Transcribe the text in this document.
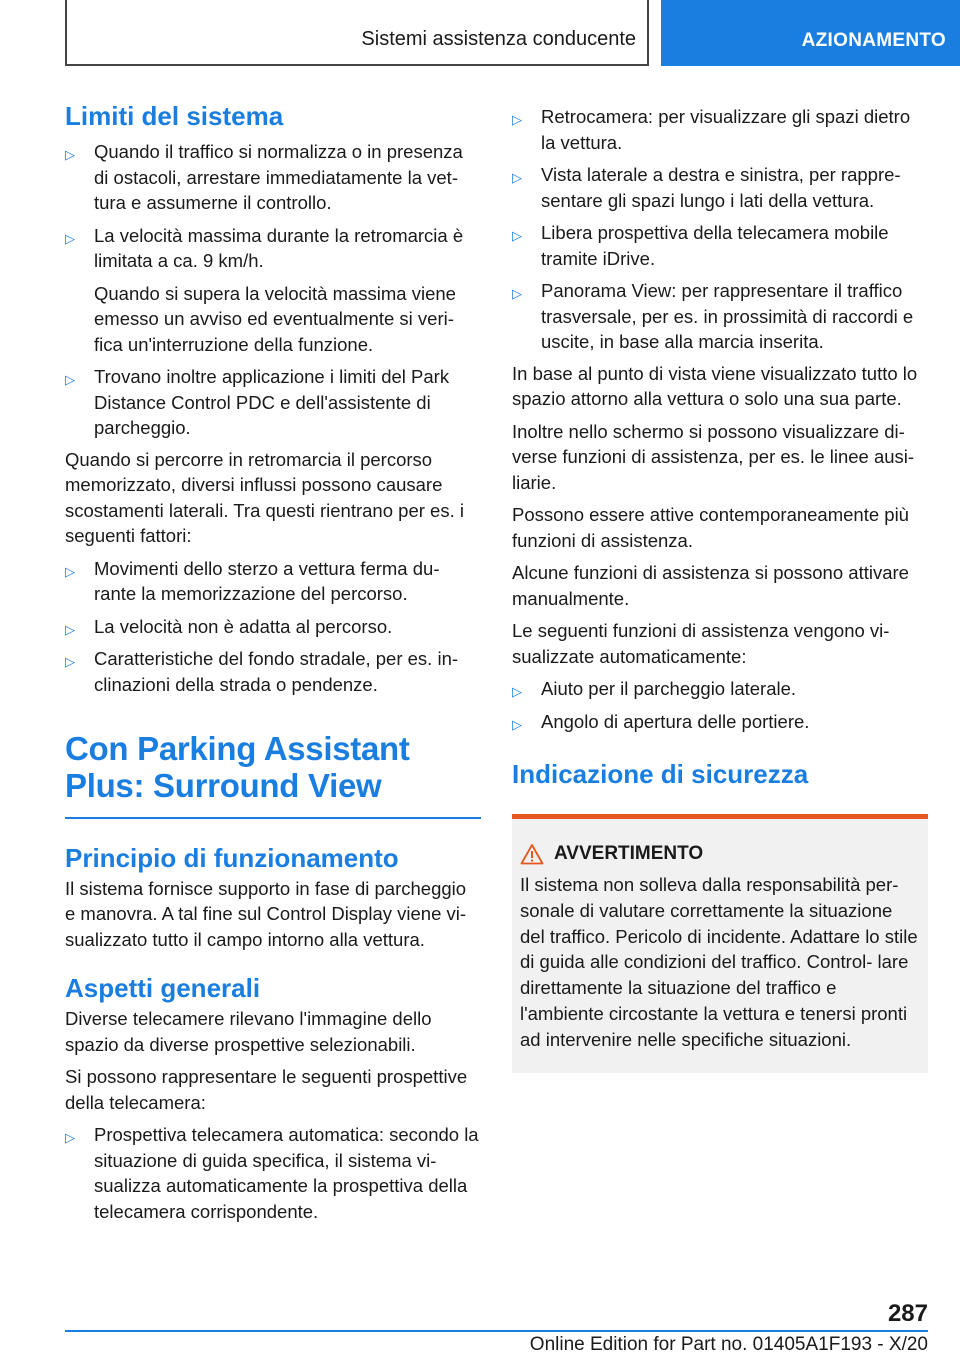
Sistemi assistenza conducente	AZIONAMENTO
Limiti del sistema
▷ Quando il traffico si normalizza o in presenza di ostacoli, arrestare immediatamente la vet- tura e assumerne il controllo.
▷ La velocità massima durante la retromarcia è limitata a ca. 9 km/h.
Quando si supera la velocità massima viene emesso un avviso ed eventualmente si veri- fica un'interruzione della funzione.
▷ Trovano inoltre applicazione i limiti del Park Distance Control PDC e dell'assistente di parcheggio.

Quando si percorre in retromarcia il percorso memorizzato, diversi influssi possono causare scostamenti laterali. Tra questi rientrano per es. i seguenti fattori:

▷ Movimenti dello sterzo a vettura ferma du- rante la memorizzazione del percorso.
▷ La velocità non è adatta al percorso.
▷ Caratteristiche del fondo stradale, per es. in- clinazioni della strada o pendenze.
Con Parking Assistant Plus: Surround View
Principio di funzionamento

Il sistema fornisce supporto in fase di parcheggio e manovra. A tal fine sul Control Display viene vi- sualizzato tutto il campo intorno alla vettura.

Aspetti generali

Diverse telecamere rilevano l'immagine dello spazio da diverse prospettive selezionabili.

Si possono rappresentare le seguenti prospettive della telecamera:

▷ Prospettiva telecamera automatica: secondo la situazione di guida specifica, il sistema vi- sualizza automaticamente la prospettiva della telecamera corrispondente.
▷ Retrocamera: per visualizzare gli spazi dietro la vettura.
▷ Vista laterale a destra e sinistra, per rappre- sentare gli spazi lungo i lati della vettura.
▷ Libera prospettiva della telecamera mobile tramite iDrive.
▷ Panorama View: per rappresentare il traffico trasversale, per es. in prossimità di raccordi e uscite, in base alla marcia inserita.

In base al punto di vista viene visualizzato tutto lo spazio attorno alla vettura o solo una sua parte.

Inoltre nello schermo si possono visualizzare di- verse funzioni di assistenza, per es. le linee ausi- liarie.

Possono essere attive contemporaneamente più funzioni di assistenza.

Alcune funzioni di assistenza si possono attivare manualmente.

Le seguenti funzioni di assistenza vengono vi- sualizzate automaticamente:

▷ Aiuto per il parcheggio laterale.
▷ Angolo di apertura delle portiere.
Indicazione di sicurezza
AVVERTIMENTO
Il sistema non solleva dalla responsabilità per- sonale di valutare correttamente la situazione del traffico. Pericolo di incidente. Adattare lo stile di guida alle condizioni del traffico. Control- lare direttamente la situazione del traffico e l'ambiente circostante la vettura e tenersi pronti ad intervenire nelle specifiche situazioni.
287
Online Edition for Part no. 01405A1F193 - X/20
